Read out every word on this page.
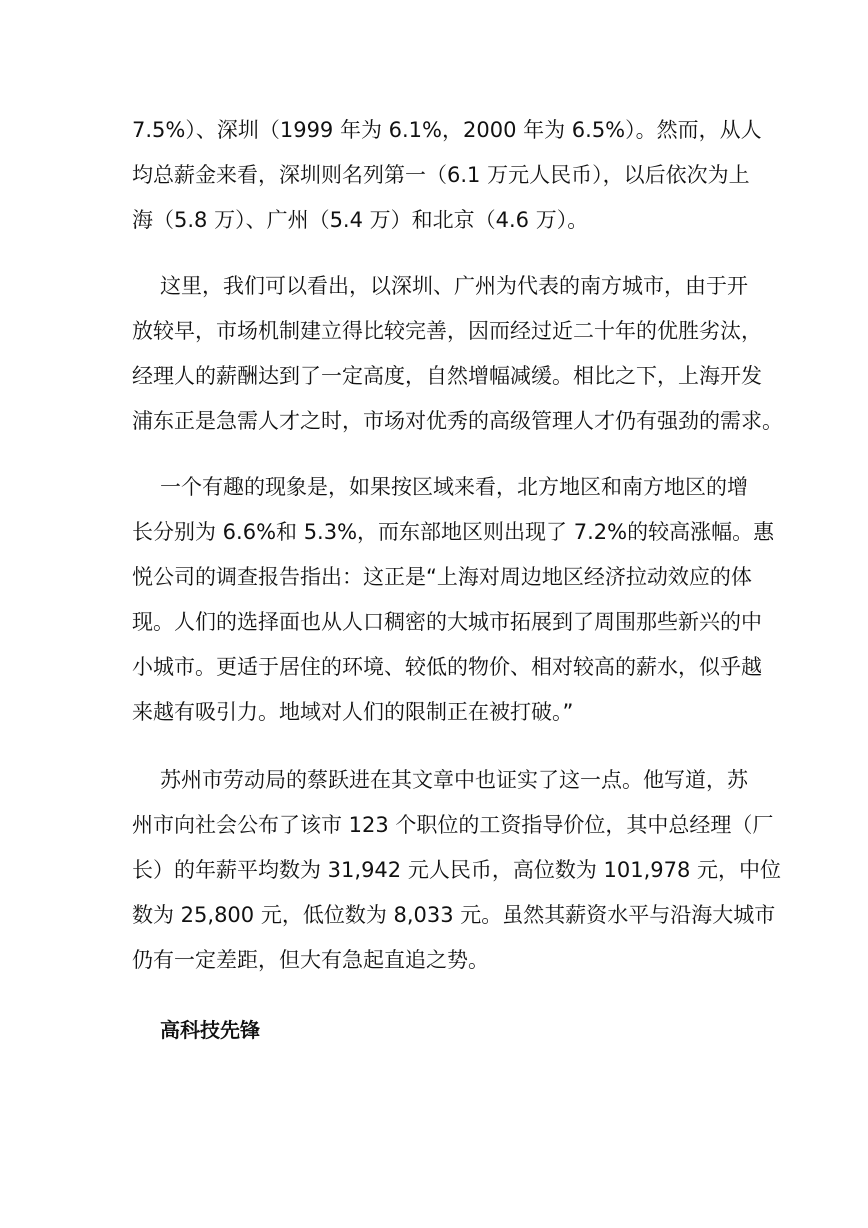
7.5%）、深圳（1999 年为 6.1%，2000 年为 6.5%）。然而，从人
均总薪金来看，深圳则名列第一（6.1 万元人民币），以后依次为上
海（5.8 万）、广州（5.4 万）和北京（4.6 万）。
这里，我们可以看出，以深圳、广州为代表的南方城市，由于开
放较早，市场机制建立得比较完善，因而经过近二十年的优胜劣汰，
经理人的薪酬达到了一定高度，自然增幅减缓。相比之下，上海开发
浦东正是急需人才之时，市场对优秀的高级管理人才仍有强劲的需求。
一个有趣的现象是，如果按区域来看，北方地区和南方地区的增
长分别为 6.6%和 5.3%，而东部地区则出现了 7.2%的较高涨幅。惠
悦公司的调查报告指出：这正是“上海对周边地区经济拉动效应的体
现。人们的选择面也从人口稠密的大城市拓展到了周围那些新兴的中
小城市。更适于居住的环境、较低的物价、相对较高的薪水，似乎越
来越有吸引力。地域对人们的限制正在被打破。”
苏州市劳动局的蔡跃进在其文章中也证实了这一点。他写道，苏
州市向社会公布了该市 123 个职位的工资指导价位，其中总经理（厂
长）的年薪平均数为 31,942 元人民币，高位数为 101,978 元，中位
数为 25,800 元，低位数为 8,033 元。虽然其薪资水平与沿海大城市
仍有一定差距，但大有急起直追之势。
高科技先锋
